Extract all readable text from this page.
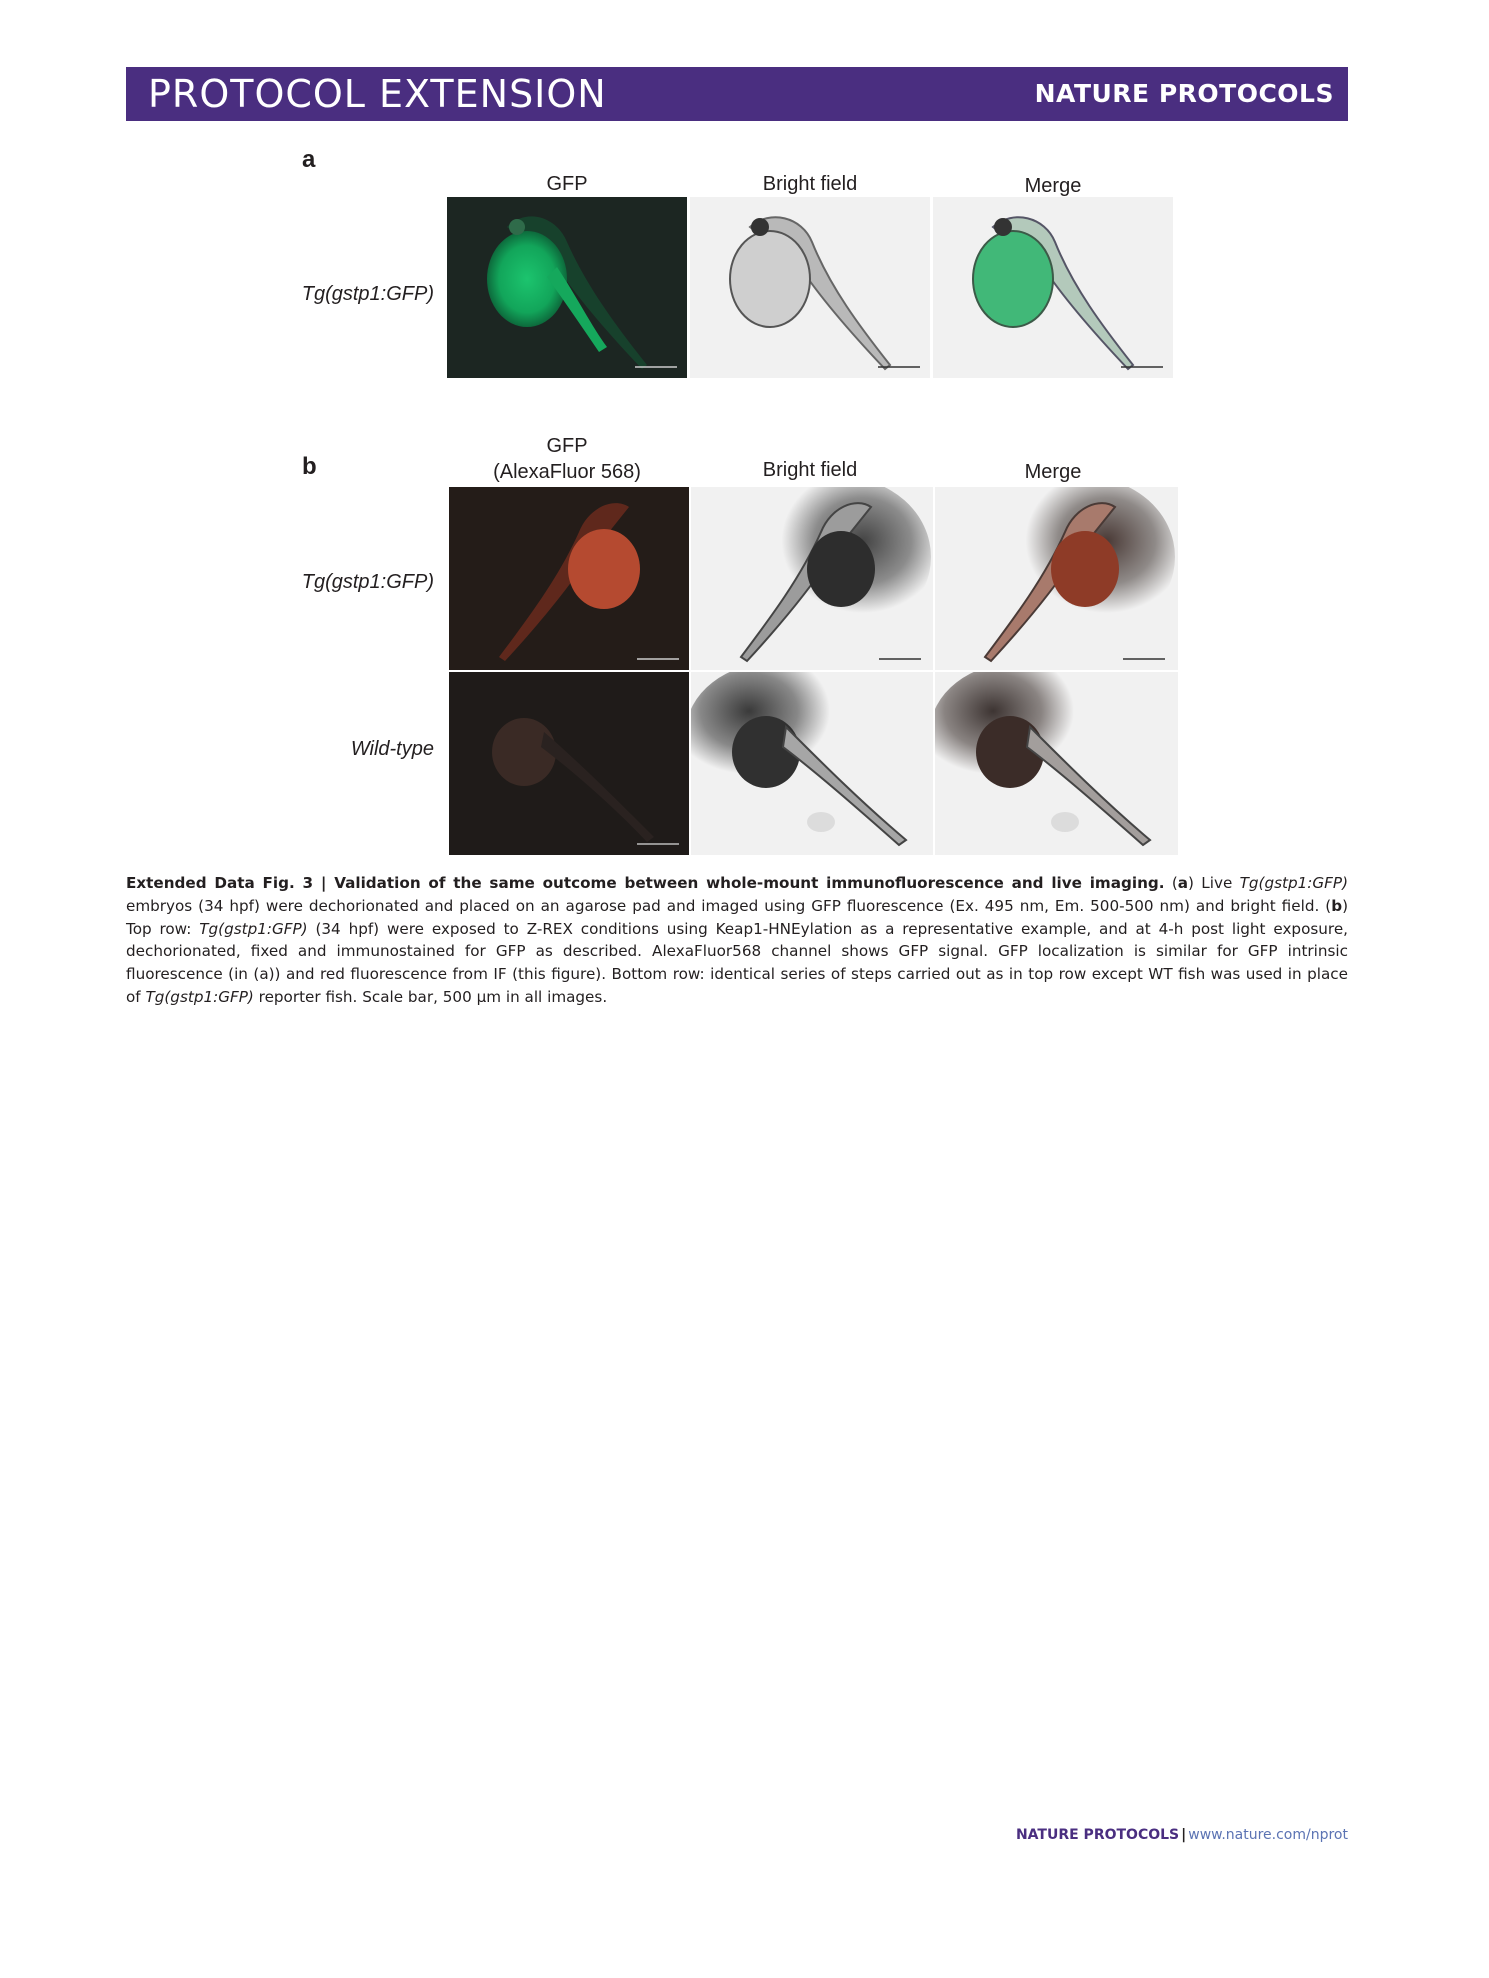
PROTOCOL EXTENSION	NATURE PROTOCOLS
a
GFP	Bright field	Merge
Tg(gstp1:GFP)
b
GFP
(AlexaFluor 568)	Bright field	Merge
Tg(gstp1:GFP)
Wild-type
Extended Data Fig. 3 | Validation of the same outcome between whole-mount immunofluorescence and live imaging. (a) Live Tg(gstp1:GFP) embryos (34 hpf) were dechorionated and placed on an agarose pad and imaged using GFP fluorescence (Ex. 495 nm, Em. 500-500 nm) and bright field. (b) Top row: Tg(gstp1:GFP) (34 hpf) were exposed to Z-REX conditions using Keap1-HNEylation as a representative example, and at 4-h post light exposure, dechorionated, fixed and immunostained for GFP as described. AlexaFluor568 channel shows GFP signal. GFP localization is similar for GFP intrinsic fluorescence (in (a)) and red fluorescence from IF (this figure). Bottom row: identical series of steps carried out as in top row except WT fish was used in place of Tg(gstp1:GFP) reporter fish. Scale bar, 500 µm in all images.
NATURE PROTOCOLS | www.nature.com/nprot
